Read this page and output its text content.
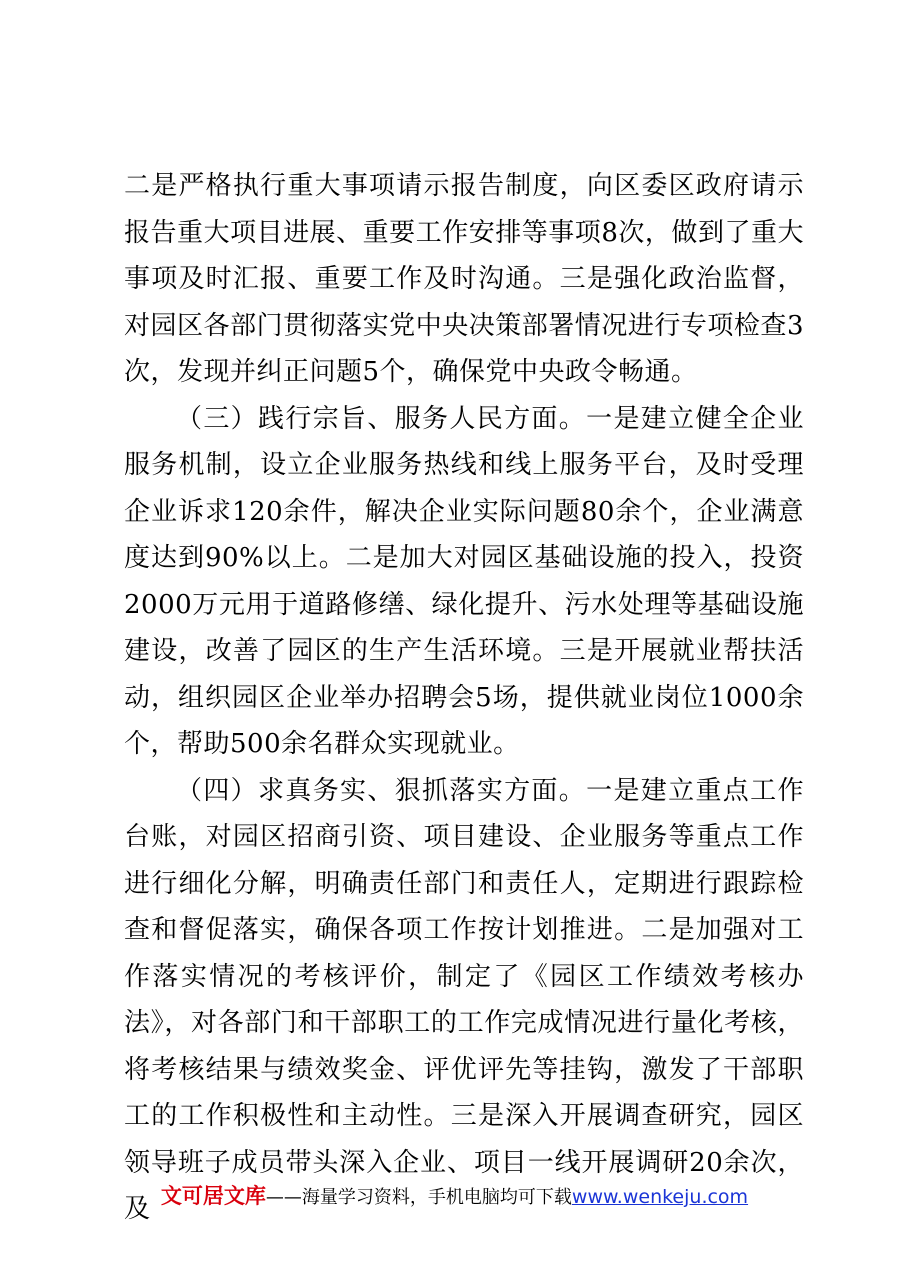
二是严格执行重大事项请示报告制度，向区委区政府请示报告重大项目进展、重要工作安排等事项8次，做到了重大事项及时汇报、重要工作及时沟通。三是强化政治监督，对园区各部门贯彻落实党中央决策部署情况进行专项检查3次，发现并纠正问题5个，确保党中央政令畅通。

（三）践行宗旨、服务人民方面。一是建立健全企业服务机制，设立企业服务热线和线上服务平台，及时受理企业诉求120余件，解决企业实际问题80余个，企业满意度达到90%以上。二是加大对园区基础设施的投入，投资2000万元用于道路修缮、绿化提升、污水处理等基础设施建设，改善了园区的生产生活环境。三是开展就业帮扶活动，组织园区企业举办招聘会5场，提供就业岗位1000余个，帮助500余名群众实现就业。

（四）求真务实、狠抓落实方面。一是建立重点工作台账，对园区招商引资、项目建设、企业服务等重点工作进行细化分解，明确责任部门和责任人，定期进行跟踪检查和督促落实，确保各项工作按计划推进。二是加强对工作落实情况的考核评价，制定了《园区工作绩效考核办法》，对各部门和干部职工的工作完成情况进行量化考核，将考核结果与绩效奖金、评优评先等挂钩，激发了干部职工的工作积极性和主动性。三是深入开展调查研究，园区领导班子成员带头深入企业、项目一线开展调研20余次，及 文可居文库——海量学习资料，手机电脑均可下载www.wenkeju.com
